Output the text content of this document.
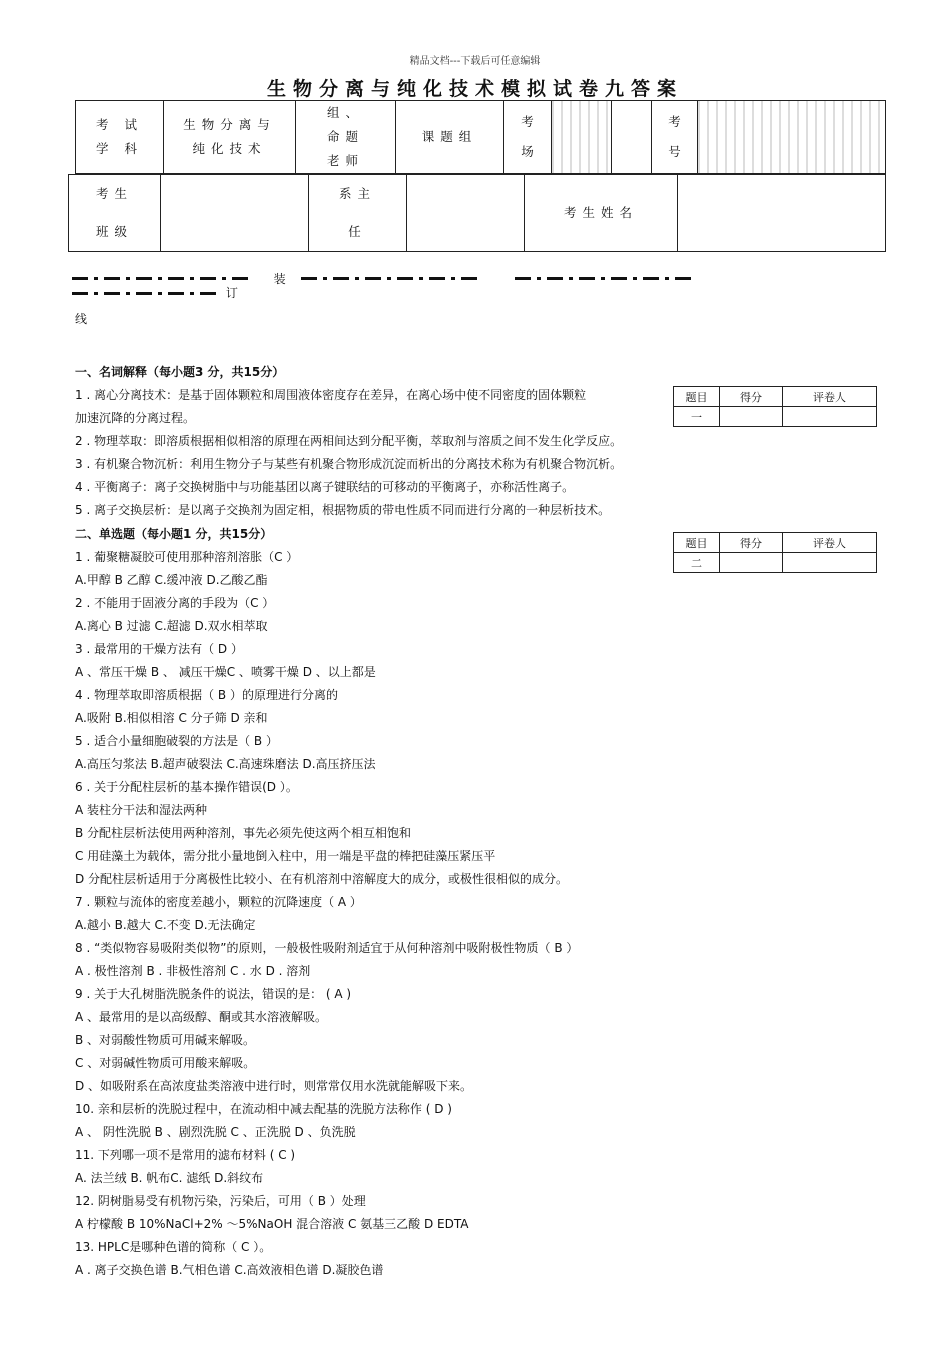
精品文档---下载后可任意编辑
生物分离与纯化技术模拟试卷九答案
考 试 学 科	生物分离与纯化技术	组、命题老师	课题组	考场			考号	
考生班级		系主任		考生姓名	
装       订
线
一、名词解释（每小题3 分，共15分）
1 . 离心分离技术：是基于固体颗粒和周围液体密度存在差异，在离心场中使不同密度的固体颗粒
加速沉降的分离过程。
2 . 物理萃取：即溶质根据相似相溶的原理在两相间达到分配平衡，萃取剂与溶质之间不发生化学反应。
3 . 有机聚合物沉析：利用生物分子与某些有机聚合物形成沉淀而析出的分离技术称为有机聚合物沉析。
4 . 平衡离子：离子交换树脂中与功能基团以离子键联结的可移动的平衡离子，亦称活性离子。
5 . 离子交换层析：是以离子交换剂为固定相，根据物质的带电性质不同而进行分离的一种层析技术。
题目	得分	评卷人
一		
二、单选题（每小题1 分，共15分）
题目	得分	评卷人
二		
1 . 葡聚糖凝胶可使用那种溶剂溶胀（C ）
A.甲醇 B 乙醇 C.缓冲液 D.乙酸乙酯
2 . 不能用于固液分离的手段为（C ）
A.离心 B 过滤 C.超滤 D.双水相萃取
3 . 最常用的干燥方法有（ D ）
A 、常压干燥 B 、 减压干燥C 、喷雾干燥 D 、以上都是
4 . 物理萃取即溶质根据（ B ）的原理进行分离的
A.吸附 B.相似相溶 C 分子筛 D 亲和
5 . 适合小量细胞破裂的方法是（ B ）
A.高压匀浆法 B.超声破裂法 C.高速珠磨法 D.高压挤压法
6 . 关于分配柱层析的基本操作错误(D ）。
A 装柱分干法和湿法两种
B 分配柱层析法使用两种溶剂，事先必须先使这两个相互相饱和
C 用硅藻土为载体，需分批小量地倒入柱中，用一端是平盘的棒把硅藻压紧压平
D 分配柱层析适用于分离极性比较小、在有机溶剂中溶解度大的成分，或极性很相似的成分。
7 . 颗粒与流体的密度差越小，颗粒的沉降速度（ A ）
A.越小 B.越大 C.不变 D.无法确定
8 . “类似物容易吸附类似物”的原则，一般极性吸附剂适宜于从何种溶剂中吸附极性物质（ B ）
A . 极性溶剂 B . 非极性溶剂 C . 水 D . 溶剂
9 . 关于大孔树脂洗脱条件的说法，错误的是： ( A )
A 、最常用的是以高级醇、酮或其水溶液解吸。
B 、对弱酸性物质可用碱来解吸。
C 、对弱碱性物质可用酸来解吸。
D 、如吸附系在高浓度盐类溶液中进行时，则常常仅用水洗就能解吸下来。
10. 亲和层析的洗脱过程中，在流动相中减去配基的洗脱方法称作 ( D )
A 、 阴性洗脱 B 、剧烈洗脱 C 、正洗脱 D 、负洗脱
11. 下列哪一项不是常用的滤布材料 ( C )
A. 法兰绒 B. 帆布C. 滤纸 D.斜纹布
12. 阴树脂易受有机物污染，污染后，可用（ B ）处理
A 柠檬酸 B 10%NaCl+2% ～5%NaOH 混合溶液 C 氨基三乙酸 D EDTA
13. HPLC是哪种色谱的简称（ C ）。
A . 离子交换色谱 B.气相色谱 C.高效液相色谱 D.凝胶色谱
